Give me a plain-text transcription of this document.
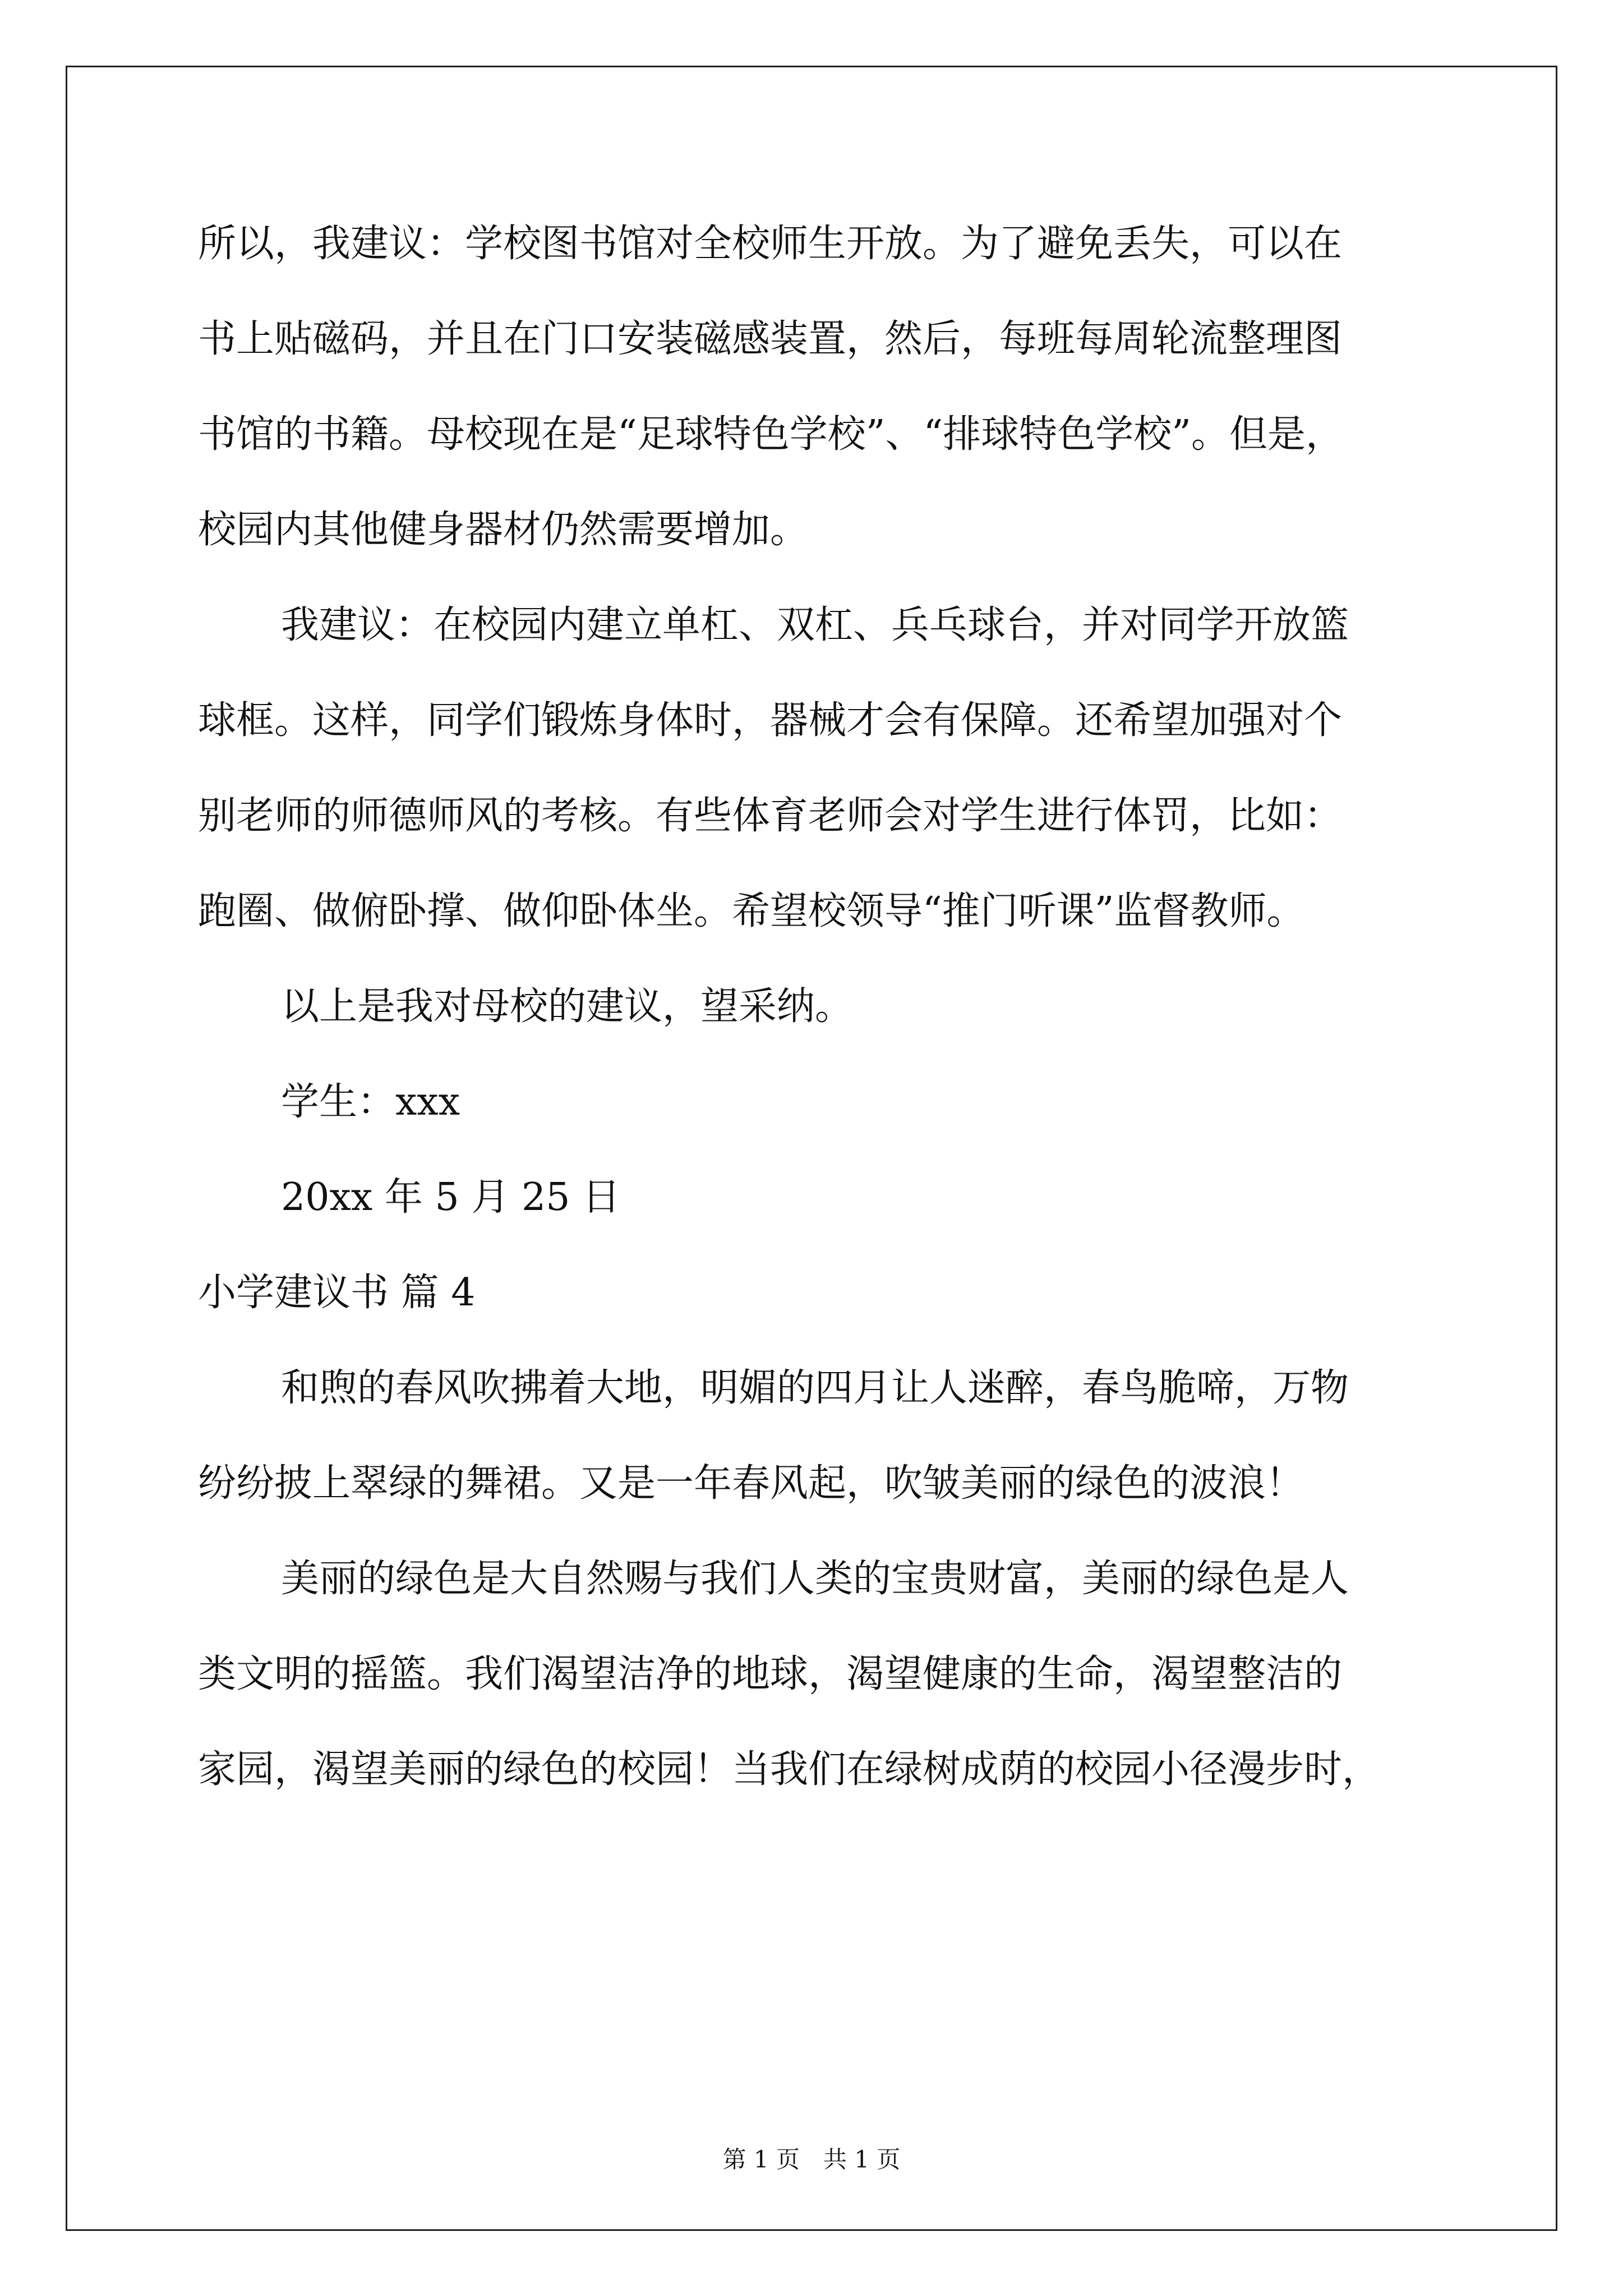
所以，我建议：学校图书馆对全校师生开放。为了避免丢失，可以在
书上贴磁码，并且在门口安装磁感装置，然后，每班每周轮流整理图
书馆的书籍。母校现在是“足球特色学校”、“排球特色学校”。但是，
校园内其他健身器材仍然需要增加。
我建议：在校园内建立单杠、双杠、兵乓球台，并对同学开放篮
球框。这样，同学们锻炼身体时，器械才会有保障。还希望加强对个
别老师的师德师风的考核。有些体育老师会对学生进行体罚，比如：
跑圈、做俯卧撑、做仰卧体坐。希望校领导“推门听课”监督教师。
以上是我对母校的建议，望采纳。
学生：xxx
20xx 年 5 月 25 日
小学建议书 篇 4
和煦的春风吹拂着大地，明媚的四月让人迷醉，春鸟脆啼，万物
纷纷披上翠绿的舞裙。又是一年春风起，吹皱美丽的绿色的波浪！
美丽的绿色是大自然赐与我们人类的宝贵财富，美丽的绿色是人
类文明的摇篮。我们渴望洁净的地球，渴望健康的生命，渴望整洁的
家园，渴望美丽的绿色的校园！当我们在绿树成荫的校园小径漫步时，
第 1 页　共 1 页
